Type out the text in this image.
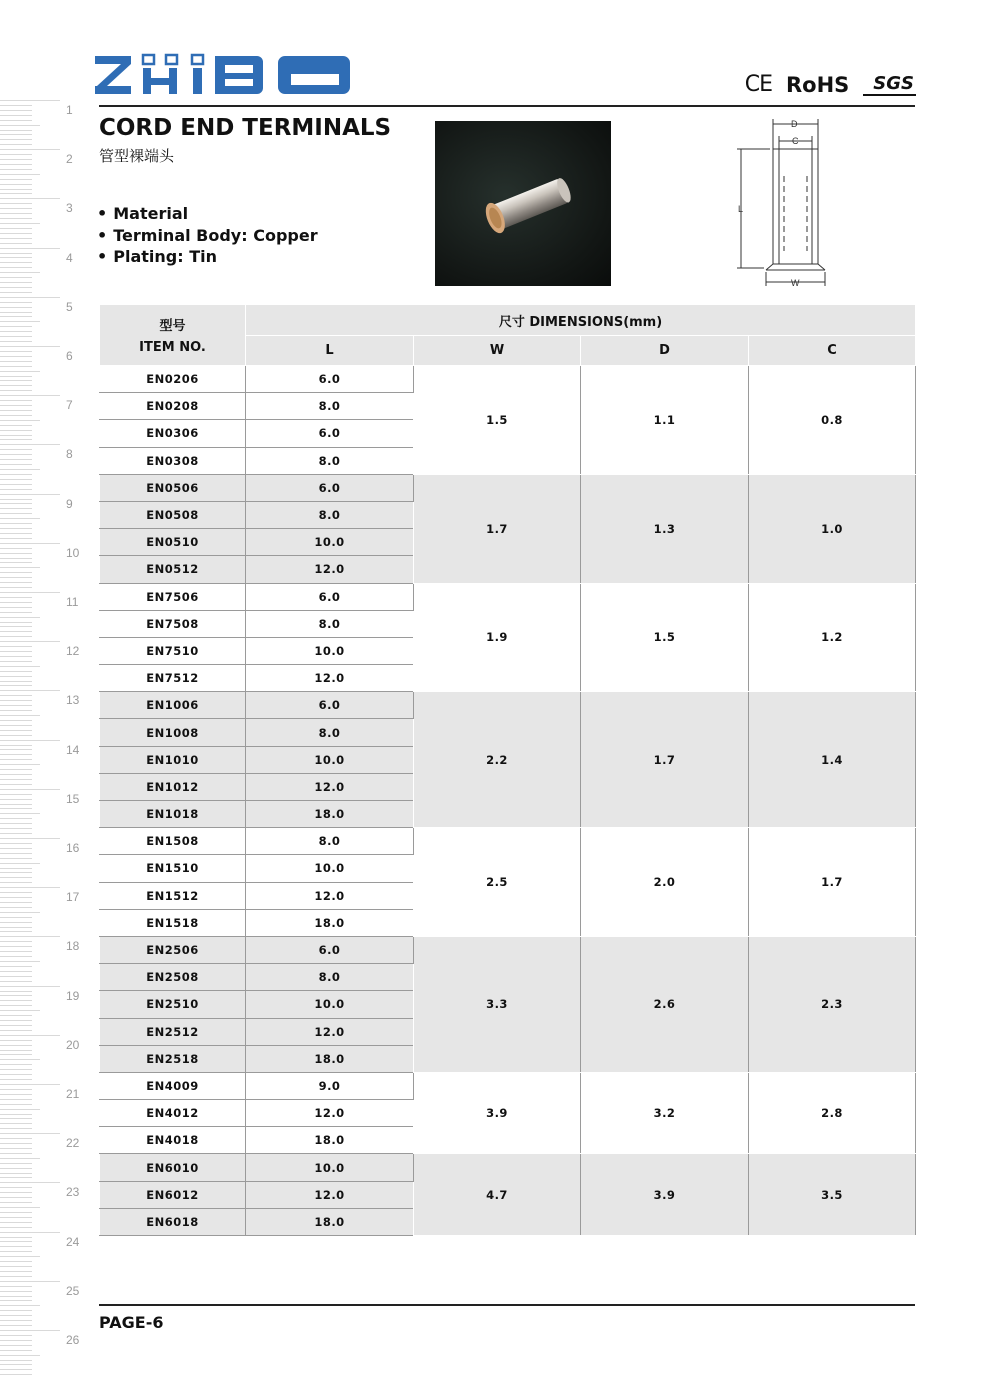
1
2
3
4
5
6
7
8
9
10
11
12
13
14
15
16
17
18
19
20
21
22
23
24
25
26
CE RoHS	SGS
CORD END TERMINALS
管型裸端头
• Material
• Terminal Body: Copper
• Plating: Tin
D
C
L
W
型号
ITEM NO.	尺寸 DIMENSIONS(mm)			
	L	W	D	C
EN0206	6.0	1.5	1.1	0.8
EN0208	8.0			
EN0306	6.0			
EN0308	8.0			
EN0506	6.0	1.7	1.3	1.0
EN0508	8.0			
EN0510	10.0			
EN0512	12.0			
EN7506	6.0	1.9	1.5	1.2
EN7508	8.0			
EN7510	10.0			
EN7512	12.0			
EN1006	6.0	2.2	1.7	1.4
EN1008	8.0			
EN1010	10.0			
EN1012	12.0			
EN1018	18.0			
EN1508	8.0	2.5	2.0	1.7
EN1510	10.0			
EN1512	12.0			
EN1518	18.0			
EN2506	6.0	3.3	2.6	2.3
EN2508	8.0			
EN2510	10.0			
EN2512	12.0			
EN2518	18.0			
EN4009	9.0	3.9	3.2	2.8
EN4012	12.0			
EN4018	18.0			
EN6010	10.0	4.7	3.9	3.5
EN6012	12.0			
EN6018	18.0			
PAGE-6
